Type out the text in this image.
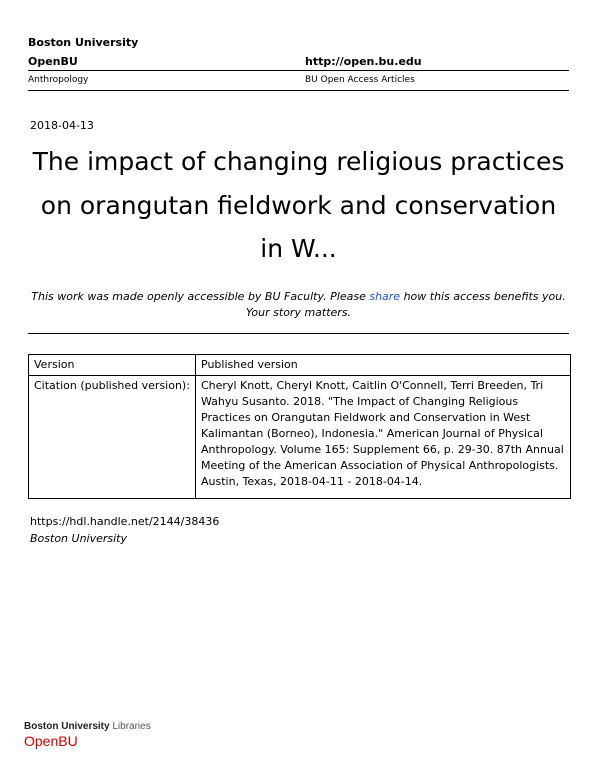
Boston University
OpenBU	http://open.bu.edu
Anthropology	BU Open Access Articles
2018-04-13
The impact of changing religious practices on orangutan fieldwork and conservation in W...
This work was made openly accessible by BU Faculty. Please share how this access benefits you.
Your story matters.
Version	Published version
Citation (published version):	Cheryl Knott, Cheryl Knott, Caitlin O'Connell, Terri Breeden, Tri Wahyu Susanto. 2018. "The Impact of Changing Religious Practices on Orangutan Fieldwork and Conservation in West Kalimantan (Borneo), Indonesia." American Journal of Physical Anthropology. Volume 165: Supplement 66, p. 29-30. 87th Annual Meeting of the American Association of Physical Anthropologists. Austin, Texas, 2018-04-11 - 2018-04-14.
https://hdl.handle.net/2144/38436
Boston University
Boston University Libraries
OpenBU
